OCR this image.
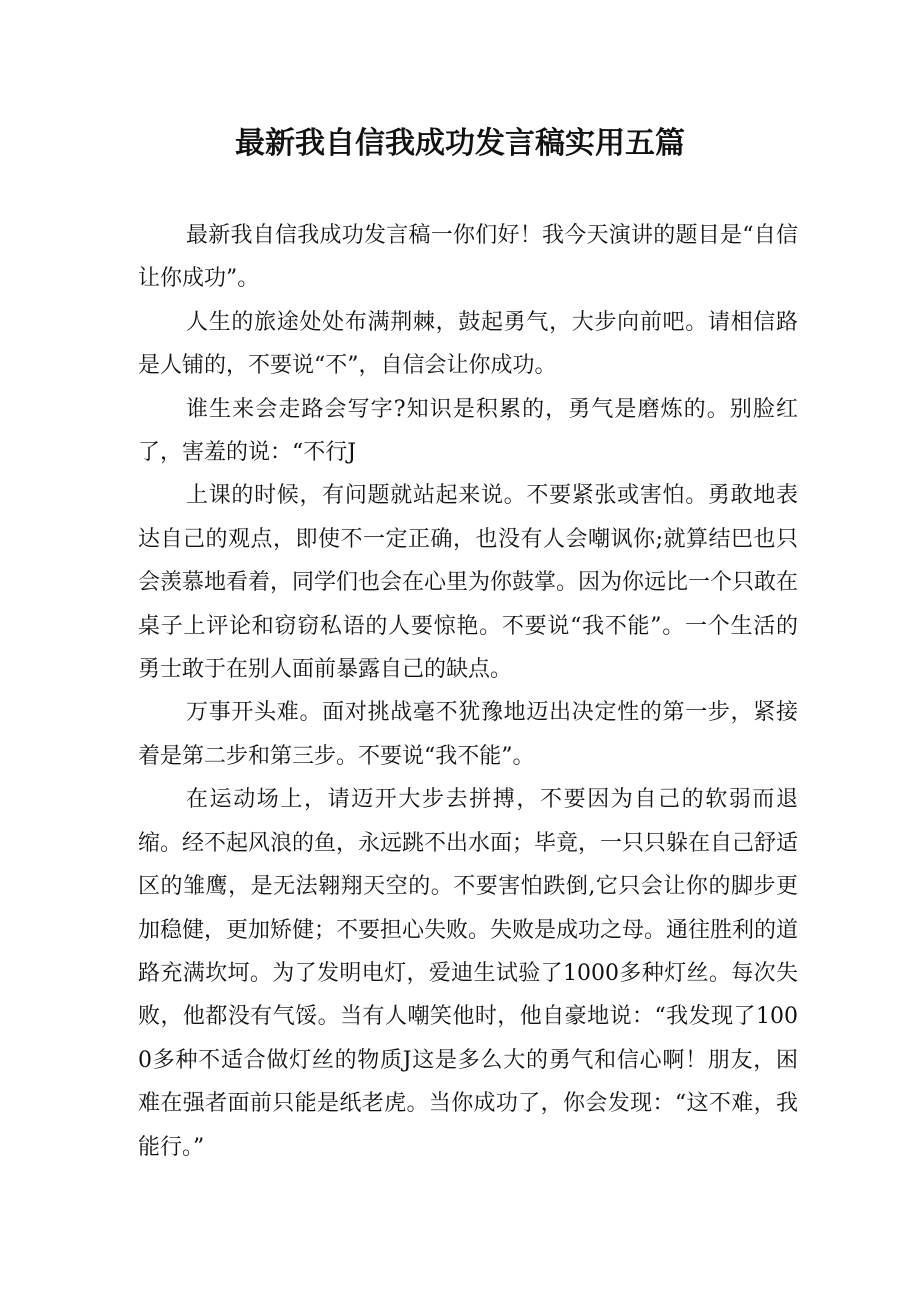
最新我自信我成功发言稿实用五篇

最新我自信我成功发言稿一你们好！我今天演讲的题目是“自信让你成功”。

人生的旅途处处布满荆棘，鼓起勇气，大步向前吧。请相信路是人铺的，不要说“不”，自信会让你成功。

谁生来会走路会写字?知识是积累的，勇气是磨炼的。别脸红了，害羞的说：“不行J

上课的时候，有问题就站起来说。不要紧张或害怕。勇敢地表达自己的观点，即使不一定正确，也没有人会嘲讽你;就算结巴也只会羡慕地看着，同学们也会在心里为你鼓掌。因为你远比一个只敢在桌子上评论和窃窃私语的人要惊艳。不要说“我不能”。一个生活的勇士敢于在别人面前暴露自己的缺点。

万事开头难。面对挑战毫不犹豫地迈出决定性的第一步，紧接着是第二步和第三步。不要说“我不能”。

在运动场上，请迈开大步去拼搏，不要因为自己的软弱而退缩。经不起风浪的鱼，永远跳不出水面；毕竟，一只只躲在自己舒适区的雏鹰，是无法翱翔天空的。不要害怕跌倒,它只会让你的脚步更加稳健，更加矫健；不要担心失败。失败是成功之母。通往胜利的道路充满坎坷。为了发明电灯，爱迪生试验了1000多种灯丝。每次失败，他都没有气馁。当有人嘲笑他时，他自豪地说：“我发现了1000多种不适合做灯丝的物质J这是多么大的勇气和信心啊！朋友，困难在强者面前只能是纸老虎。当你成功了，你会发现：“这不难，我能行。”
